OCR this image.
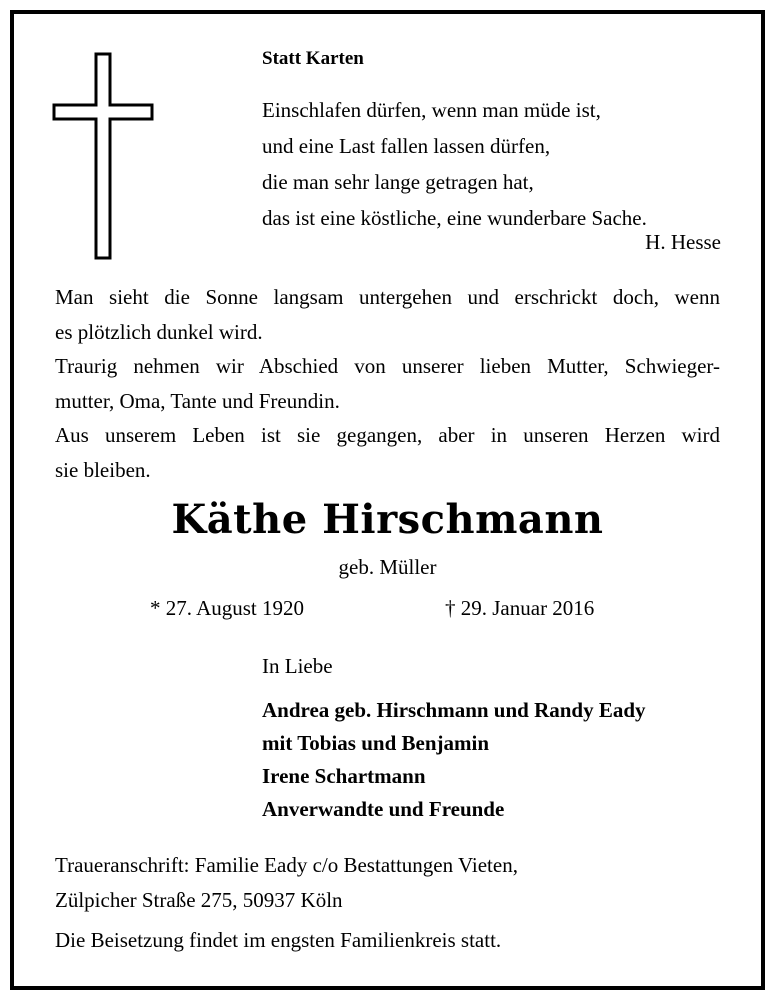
Statt Karten
Einschlafen dürfen, wenn man müde ist,
und eine Last fallen lassen dürfen,
die man sehr lange getragen hat,
das ist eine köstliche, eine wunderbare Sache.
H. Hesse
Man sieht die Sonne langsam untergehen und erschrickt doch, wenn
es plötzlich dunkel wird.
Traurig nehmen wir Abschied von unserer lieben Mutter, Schwieger-
mutter, Oma, Tante und Freundin.
Aus unserem Leben ist sie gegangen, aber in unseren Herzen wird
sie bleiben.
Käthe Hirschmann
geb. Müller
* 27. August 1920	† 29. Januar 2016
In Liebe
Andrea geb. Hirschmann und Randy Eady
mit Tobias und Benjamin
Irene Schartmann
Anverwandte und Freunde
Traueranschrift: Familie Eady c/o Bestattungen Vieten,
Zülpicher Straße 275, 50937 Köln
Die Beisetzung findet im engsten Familienkreis statt.
